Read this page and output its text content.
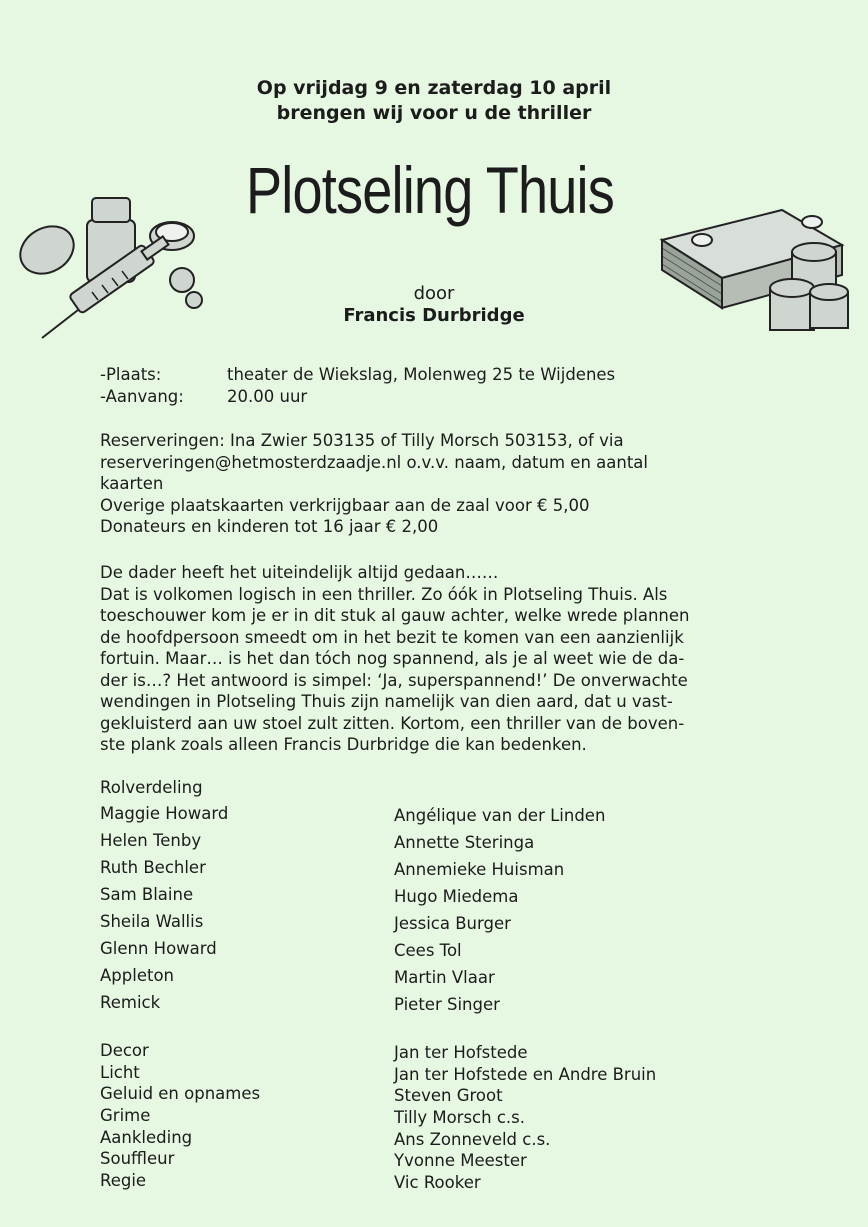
Op vrijdag 9 en zaterdag 10 april
brengen wij voor u de thriller
Plotseling Thuis
door
Francis Durbridge
-Plaats:	theater de Wiekslag, Molenweg 25 te Wijdenes
-Aanvang:	20.00 uur
Reserveringen: Ina Zwier 503135 of Tilly Morsch 503153, of via
reserveringen@hetmosterdzaadje.nl o.v.v. naam, datum en aantal
kaarten
Overige plaatskaarten verkrijgbaar aan de zaal voor € 5,00
Donateurs en kinderen tot 16 jaar € 2,00
De dader heeft het uiteindelijk altijd gedaan……
Dat is volkomen logisch in een thriller. Zo óók in Plotseling Thuis. Als
toeschouwer kom je er in dit stuk al gauw achter, welke wrede plannen
de hoofdpersoon smeedt om in het bezit te komen van een aanzienlijk
fortuin. Maar… is het dan tóch nog spannend, als je al weet wie de da-
der is…? Het antwoord is simpel: ‘Ja, superspannend!’ De onverwachte
wendingen in Plotseling Thuis zijn namelijk van dien aard, dat u vast-
gekluisterd aan uw stoel zult zitten. Kortom, een thriller van de boven-
ste plank zoals alleen Francis Durbridge die kan bedenken.
Rolverdeling
Maggie Howard
Helen Tenby
Ruth Bechler
Sam Blaine
Sheila Wallis
Glenn Howard
Appleton
Remick
Angélique van der Linden
Annette Steringa
Annemieke Huisman
Hugo Miedema
Jessica Burger
Cees Tol
Martin Vlaar
Pieter Singer
Decor
Licht
Geluid en opnames
Grime
Aankleding
Souffleur
Regie
Jan ter Hofstede
Jan ter Hofstede en Andre Bruin
Steven Groot
Tilly Morsch c.s.
Ans Zonneveld c.s.
Yvonne Meester
Vic Rooker
